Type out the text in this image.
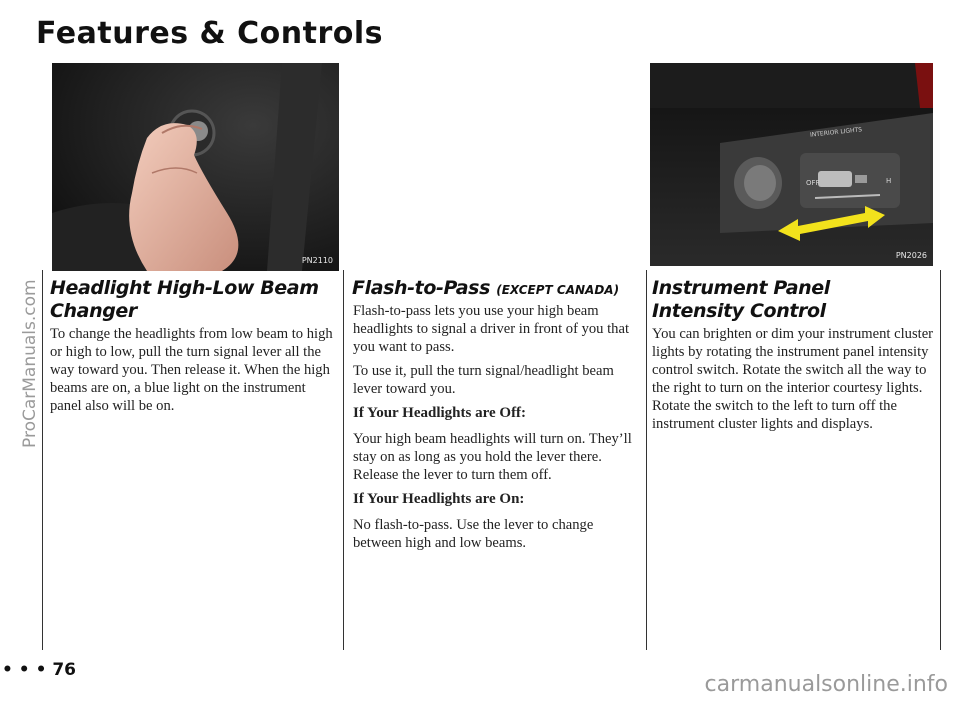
Features & Controls
PN2110
INTERIOR LIGHTS
OFF	H
PN2026
Headlight High-Low Beam Changer

To change the headlights from low beam to high or high to low, pull the turn signal lever all the way toward you. Then release it. When the high beams are on, a blue light on the instrument panel also will be on.

Flash-to-Pass (EXCEPT CANADA)

Flash-to-pass lets you use your high beam headlights to signal a driver in front of you that you want to pass.

To use it, pull the turn signal/headlight beam lever toward you.

If Your Headlights are Off:

Your high beam headlights will turn on. They’ll stay on as long as you hold the lever there. Release the lever to turn them off.

If Your Headlights are On:

No flash-to-pass. Use the lever to change between high and low beams.

Instrument Panel Intensity Control

You can brighten or dim your instrument cluster lights by rotating the instrument panel intensity control switch. Rotate the switch all the way to the right to turn on the interior courtesy lights. Rotate the switch to the left to turn off the instrument cluster lights and displays.

• • • 76
ProCarManuals.com
carmanualsonline.info
